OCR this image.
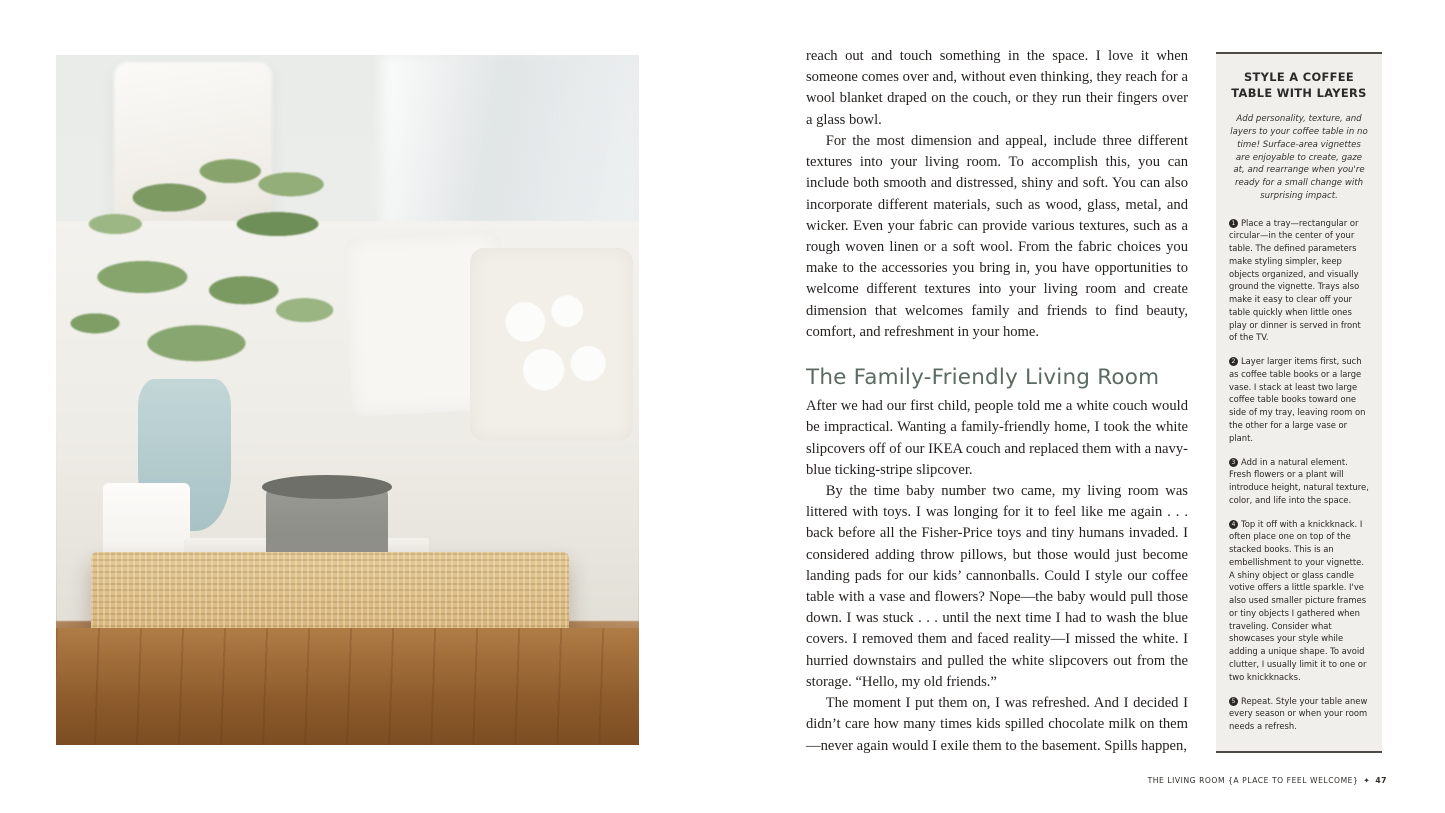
reach out and touch something in the space. I love it when someone comes over and, without even thinking, they reach for a wool blanket draped on the couch, or they run their fingers over a glass bowl.

For the most dimension and appeal, include three different textures into your living room. To accomplish this, you can include both smooth and distressed, shiny and soft. You can also incorporate different materials, such as wood, glass, metal, and wicker. Even your fabric can provide various textures, such as a rough woven linen or a soft wool. From the fabric choices you make to the accessories you bring in, you have opportunities to welcome different textures into your living room and create dimension that welcomes family and friends to find beauty, comfort, and refreshment in your home.

The Family-Friendly Living Room

After we had our first child, people told me a white couch would be impractical. Wanting a family-friendly home, I took the white slipcovers off of our IKEA couch and replaced them with a navy-blue ticking-stripe slipcover.

By the time baby number two came, my living room was littered with toys. I was longing for it to feel like me again . . . back before all the Fisher-Price toys and tiny humans invaded. I considered adding throw pillows, but those would just become landing pads for our kids’ cannonballs. Could I style our coffee table with a vase and flowers? Nope—the baby would pull those down. I was stuck . . . until the next time I had to wash the blue covers. I removed them and faced reality—I missed the white. I hurried downstairs and pulled the white slipcovers out from the storage. “Hello, my old friends.”

The moment I put them on, I was refreshed. And I decided I didn’t care how many times kids spilled chocolate milk on them—never again would I exile them to the basement. Spills happen,

STYLE A COFFEE TABLE WITH LAYERS
Add personality, texture, and layers to your coffee table in no time! Surface-area vignettes are enjoyable to create, gaze at, and rearrange when you're ready for a small change with surprising impact.
1 Place a tray—rectangular or circular—in the center of your table. The defined parameters make styling simpler, keep objects organized, and visually ground the vignette. Trays also make it easy to clear off your table quickly when little ones play or dinner is served in front of the TV.
2 Layer larger items first, such as coffee table books or a large vase. I stack at least two large coffee table books toward one side of my tray, leaving room on the other for a large vase or plant.
3 Add in a natural element. Fresh flowers or a plant will introduce height, natural texture, color, and life into the space.
4 Top it off with a knickknack. I often place one on top of the stacked books. This is an embellishment to your vignette. A shiny object or glass candle votive offers a little sparkle. I've also used smaller picture frames or tiny objects I gathered when traveling. Consider what showcases your style while adding a unique shape. To avoid clutter, I usually limit it to one or two knickknacks.
5 Repeat. Style your table anew every season or when your room needs a refresh.
THE LIVING ROOM {A PLACE TO FEEL WELCOME} ✦ 47
